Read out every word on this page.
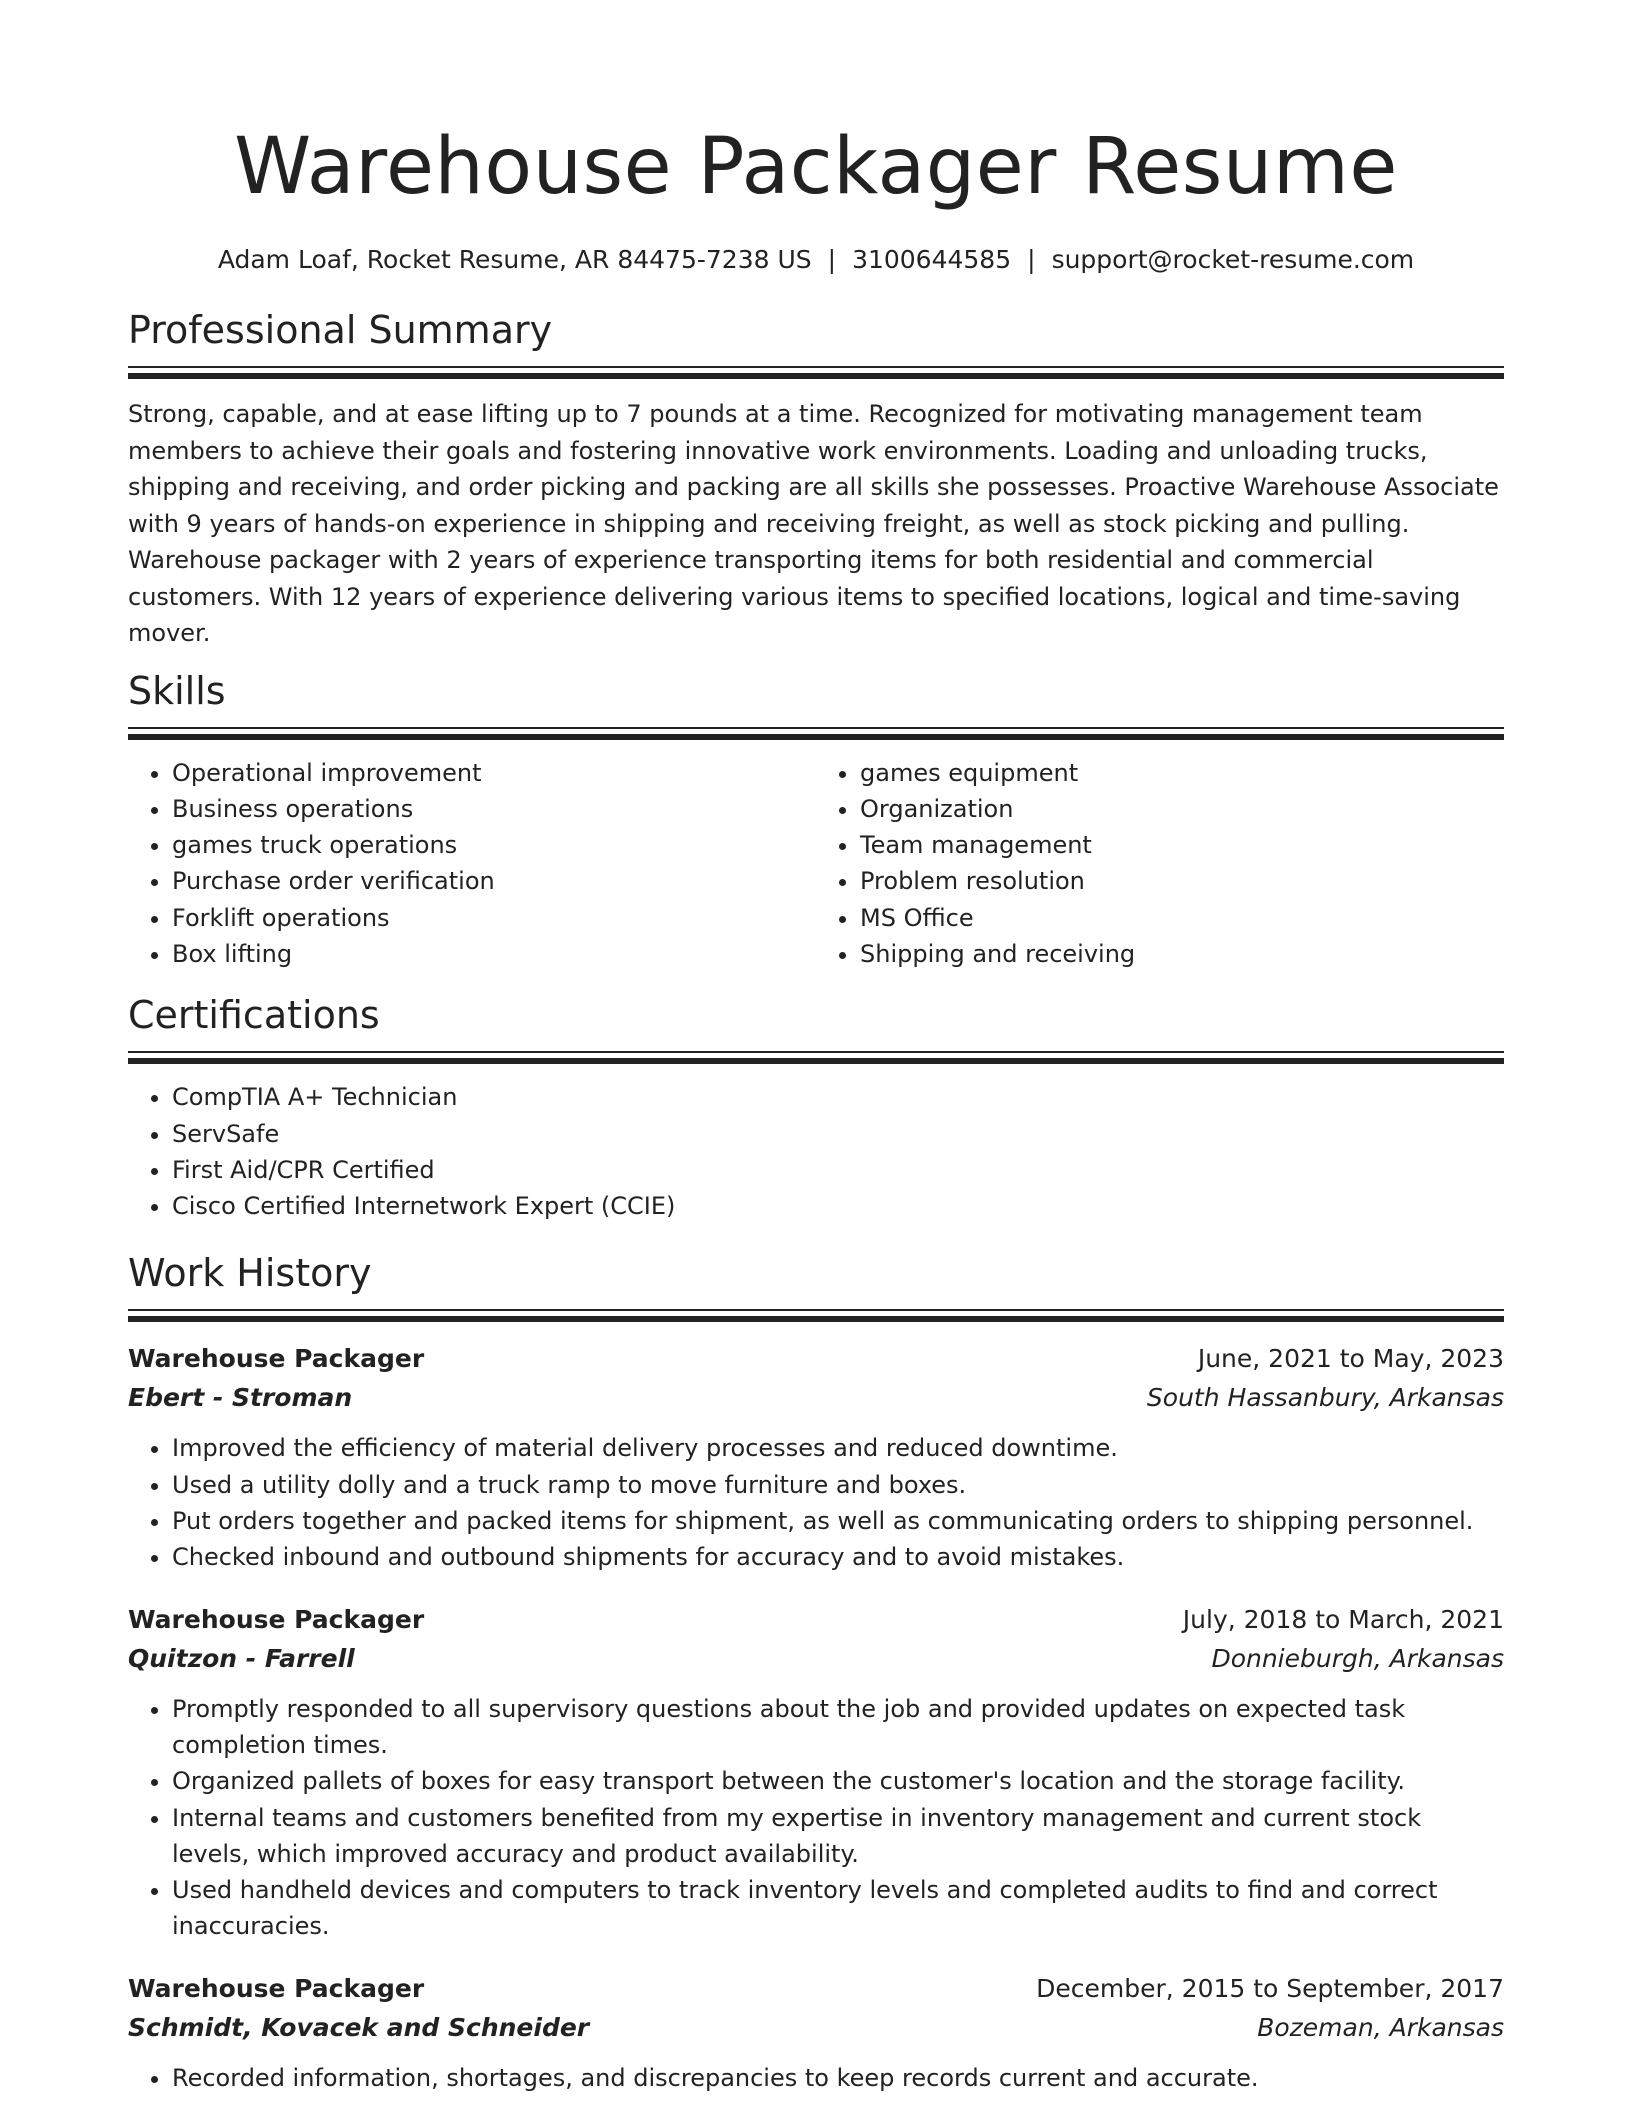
Warehouse Packager Resume
Adam Loaf, Rocket Resume, AR 84475-7238 US | 3100644585 | support@rocket-resume.com
Professional Summary

Strong, capable, and at ease lifting up to 7 pounds at a time. Recognized for motivating management team members to achieve their goals and fostering innovative work environments. Loading and unloading trucks, shipping and receiving, and order picking and packing are all skills she possesses. Proactive Warehouse Associate with 9 years of hands-on experience in shipping and receiving freight, as well as stock picking and pulling. Warehouse packager with 2 years of experience transporting items for both residential and commercial customers. With 12 years of experience delivering various items to specified locations, logical and time-saving mover.

Skills
• Operational improvement
• Business operations
• games truck operations
• Purchase order verification
• Forklift operations
• Box lifting
• games equipment
• Organization
• Team management
• Problem resolution
• MS Office
• Shipping and receiving
Certifications
• CompTIA A+ Technician
• ServSafe
• First Aid/CPR Certified
• Cisco Certified Internetwork Expert (CCIE)
Work History
Warehouse Packager	June, 2021 to May, 2023
Ebert - Stroman	South Hassanbury, Arkansas
• Improved the efficiency of material delivery processes and reduced downtime.
• Used a utility dolly and a truck ramp to move furniture and boxes.
• Put orders together and packed items for shipment, as well as communicating orders to shipping personnel.
• Checked inbound and outbound shipments for accuracy and to avoid mistakes.
Warehouse Packager	July, 2018 to March, 2021
Quitzon - Farrell	Donnieburgh, Arkansas
• Promptly responded to all supervisory questions about the job and provided updates on expected task completion times.
• Organized pallets of boxes for easy transport between the customer's location and the storage facility.
• Internal teams and customers benefited from my expertise in inventory management and current stock levels, which improved accuracy and product availability.
• Used handheld devices and computers to track inventory levels and completed audits to find and correct inaccuracies.
Warehouse Packager	December, 2015 to September, 2017
Schmidt, Kovacek and Schneider	Bozeman, Arkansas
• Recorded information, shortages, and discrepancies to keep records current and accurate.
